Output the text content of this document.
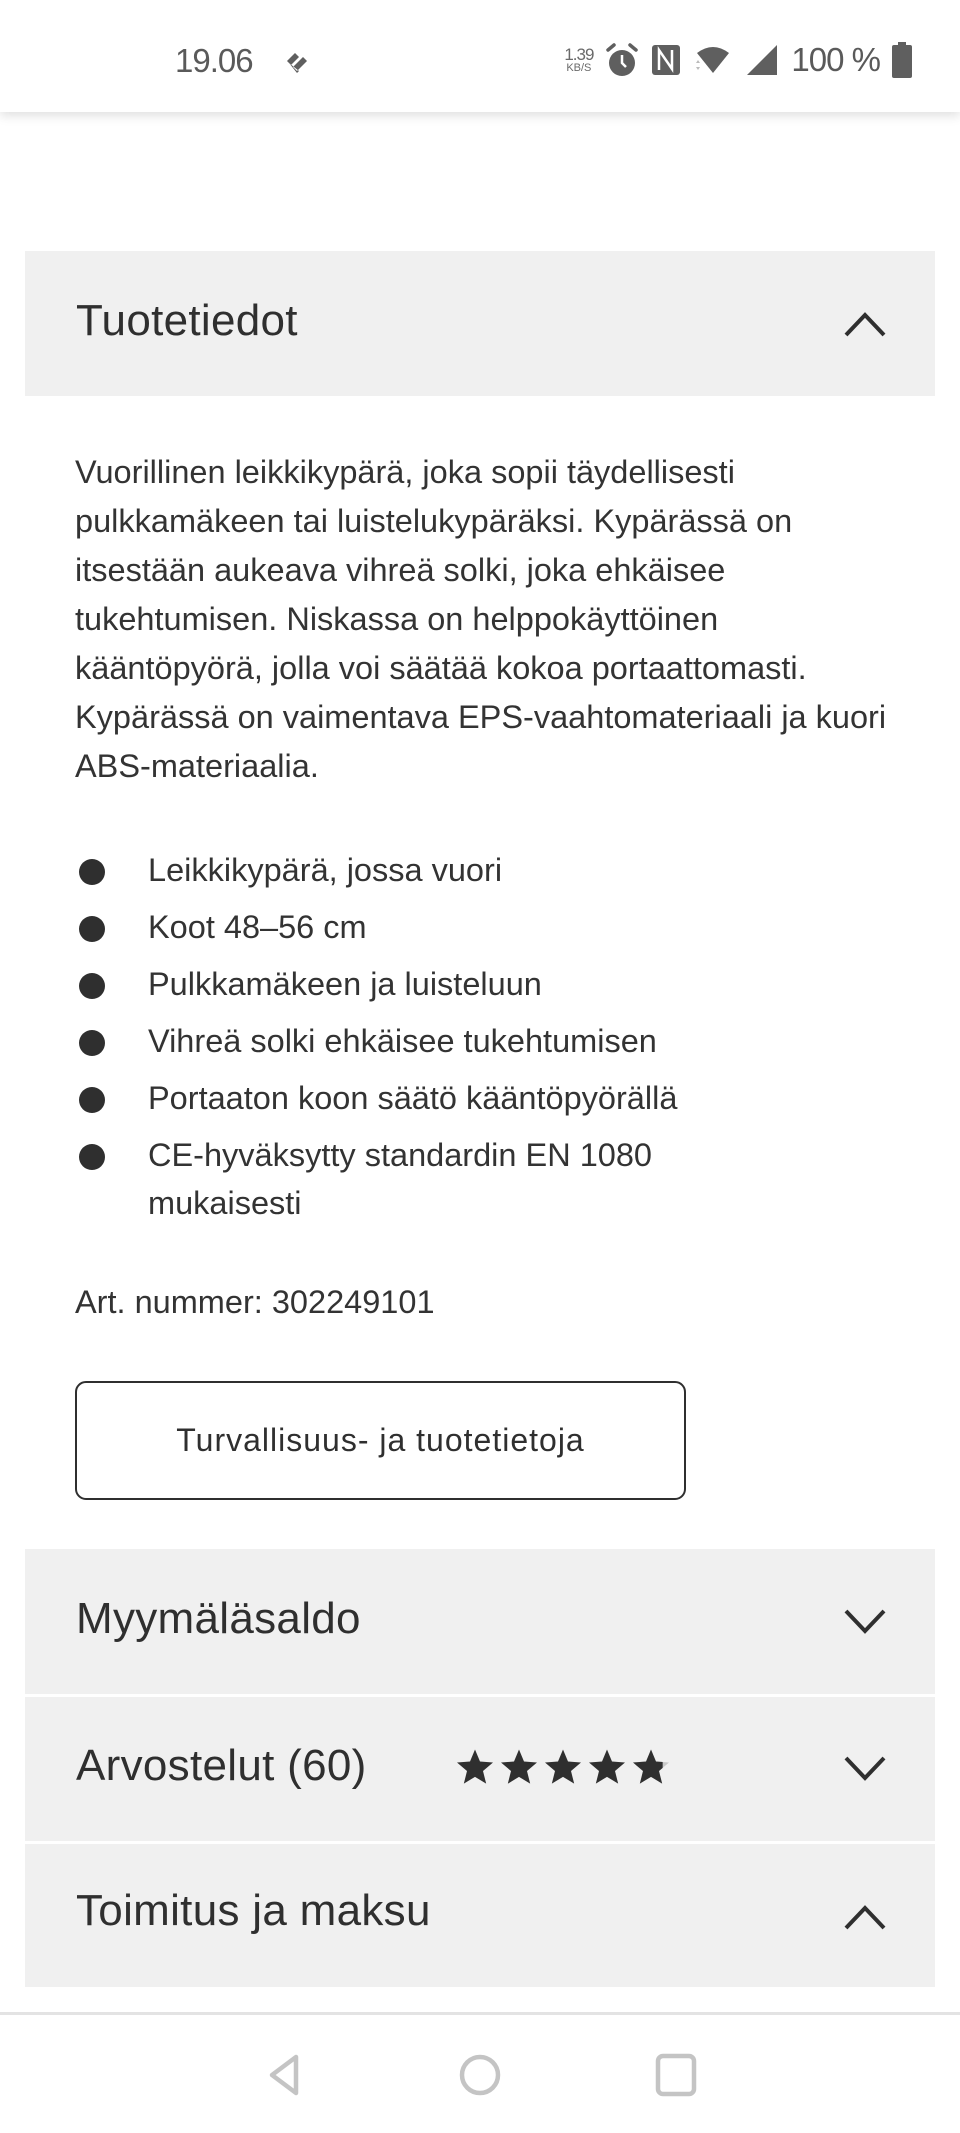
19.06	1.39
KB/S	100 %
Tuotetiedot

Vuorillinen leikkikypärä, joka sopii täydellisesti pulkkamäkeen tai luistelukypäräksi. Kypärässä on itsestään aukeava vihreä solki, joka ehkäisee tukehtumisen. Niskassa on helppokäyttöinen kääntöpyörä, jolla voi säätää kokoa portaattomasti. Kypärässä on vaimentava EPS-vaahtomateriaali ja kuori ABS-materiaalia.

Leikkikypärä, jossa vuori
Koot 48–56 cm
Pulkkamäkeen ja luisteluun
Vihreä solki ehkäisee tukehtumisen
Portaaton koon säätö kääntöpyörällä
CE-hyväksytty standardin EN 1080 mukaisesti
Art. nummer: 302249101
Turvallisuus- ja tuotetietoja
Myymäläsaldo
Arvostelut (60)
Toimitus ja maksu
